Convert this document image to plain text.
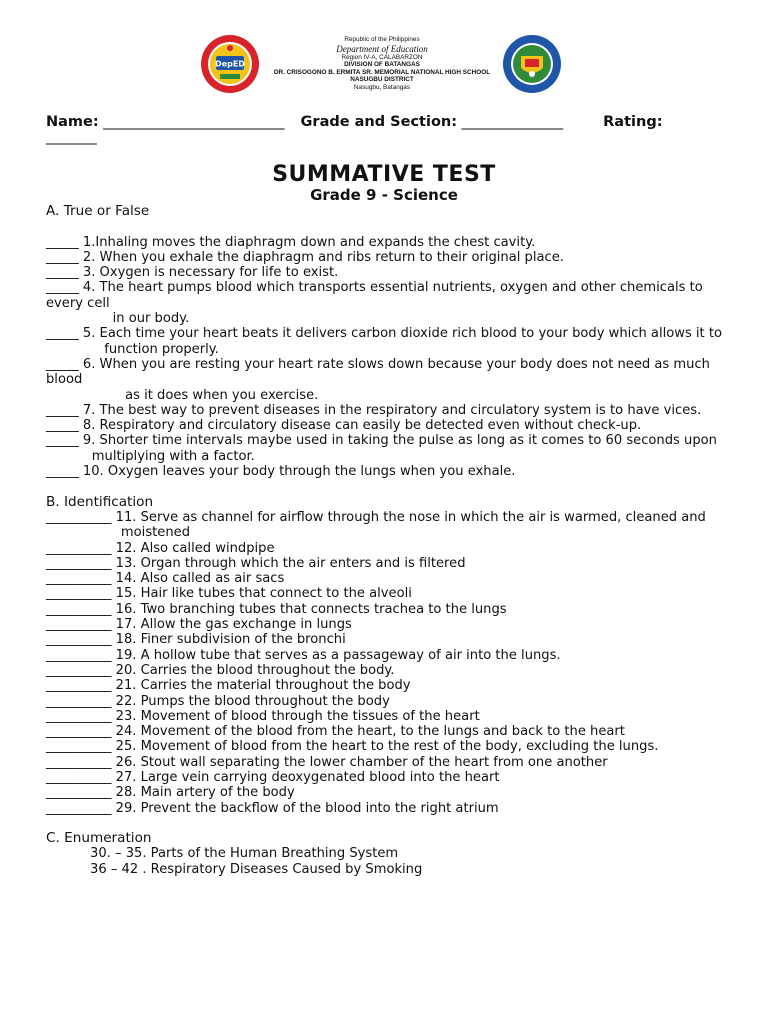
DepED
Republic of the Philippines
Department of Education
Region IV-A, CALABARZON
DIVISION OF BATANGAS
DR. CRISOGONO B. ERMITA SR. MEMORIAL NATIONAL HIGH SCHOOL
NASUGBU DISTRICT
Nasugbu, Batangas
Name: _________________________ Grade and Section: ______________	Rating:
_______
SUMMATIVE TEST
Grade 9 - Science
A. True or False
_____ 1.Inhaling moves the diaphragm down and expands the chest cavity.
_____ 2. When you exhale the diaphragm and ribs return to their original place.
_____ 3. Oxygen is necessary for life to exist.
_____ 4. The heart pumps blood which transports essential nutrients, oxygen and other chemicals to every cell
in our body.
_____ 5. Each time your heart beats it delivers carbon dioxide rich blood to your body which allows it to
function properly.
_____ 6. When you are resting your heart rate slows down because your body does not need as much blood
as it does when you exercise.
_____ 7. The best way to prevent diseases in the respiratory and circulatory system is to have vices.
_____ 8. Respiratory and circulatory disease can easily be detected even without check-up.
_____ 9. Shorter time intervals maybe used in taking the pulse as long as it comes to 60 seconds upon
multiplying with a factor.
_____ 10. Oxygen leaves your body through the lungs when you exhale.
B. Identification
__________ 11. Serve as channel for airflow through the nose in which the air is warmed, cleaned and
moistened
__________ 12. Also called windpipe
__________ 13. Organ through which the air enters and is filtered
__________ 14. Also called as air sacs
__________ 15. Hair like tubes that connect to the alveoli
__________ 16. Two branching tubes that connects trachea to the lungs
__________ 17. Allow the gas exchange in lungs
__________ 18. Finer subdivision of the bronchi
__________ 19. A hollow tube that serves as a passageway of air into the lungs.
__________ 20. Carries the blood throughout the body.
__________ 21. Carries the material throughout the body
__________ 22. Pumps the blood throughout the body
__________ 23. Movement of blood through the tissues of the heart
__________ 24. Movement of the blood from the heart, to the lungs and back to the heart
__________ 25. Movement of blood from the heart to the rest of the body, excluding the lungs.
__________ 26. Stout wall separating the lower chamber of the heart from one another
__________ 27. Large vein carrying deoxygenated blood into the heart
__________ 28. Main artery of the body
__________ 29. Prevent the backflow of the blood into the right atrium
C. Enumeration
30. – 35. Parts of the Human Breathing System
36 – 42 . Respiratory Diseases Caused by Smoking
